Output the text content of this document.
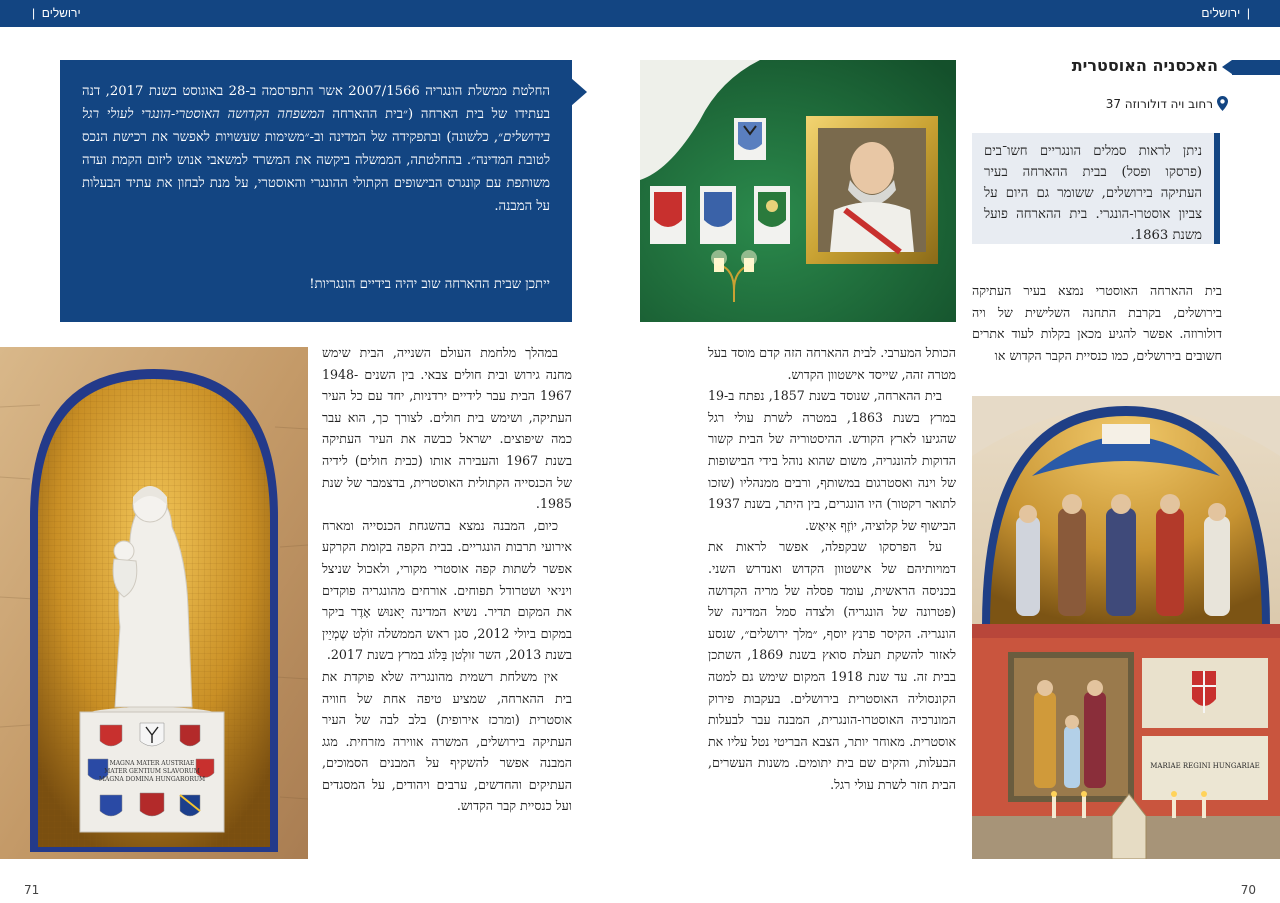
ירושלים  |	|  ירושלים
החלטת ממשלת הונגריה 2007/1566 אשר התפרסמה ב-28 באוגוסט בשנת 2017, דנה בעתידו של בית הארחה (״בית ההארחה המשפחה הקדושה האוסטרי-הונגרי לעולי רגל בירושלים״, כלשונה) ובתפקידה של המדינה וב-״משימות שעשויות לאפשר את רכישת הנכס לטובת המדינה״. בהחלטתה, הממשלה ביקשה את המשרד למשאבי אנוש ליזום הקמת ועדה משותפת עם קונגרס הבישופים הקתולי ההונגרי והאוסטרי, על מנת לבחון את עתיד הבעלות על המבנה.
ייתכן שבית ההארחה שוב יהיה בידיים הונגריות!
MAGNA MATER AUSTRIAE
MATER GENTIUM SLAVORUM
MAGNA DOMINA HUNGARORUM

במהלך מלחמת העולם השנייה, הבית שימש מחנה גירוש ובית חולים צבאי. בין השנים 1948-1967 הבית עבר לידיים ירדניות, יחד עם כל העיר העתיקה, ושימש בית חולים. לצורך כך, הוא עבר כמה שיפוצים. ישראל כבשה את העיר העתיקה בשנת 1967 והעבירה אותו (כבית חולים) לידיה של הכנסייה הקתולית האוסטרית, בדצמבר של שנת 1985.

כיום, המבנה נמצא בהשגחת הכנסייה ומארח אירועי תרבות הונגריים. בבית הקפה בקומת הקרקע אפשר לשתות קפה אוסטרי מקורי, ולאכול שניצל ויניאי ושטרודל תפוחים. אורחים מהונגריה פוקדים את המקום תדיר. נשיא המדינה יָאנוּש אָדֶר ביקר במקום ביולי 2012, סגן ראש הממשלה זוֹלְט שֶמְיֵין בשנת 2013, השר זולְטן בַּלוֹג במרץ בשנת 2017.

אין משלחת רשמית מהונגריה שלא פוקדת את בית ההארחה, שמציע טיפה אחת של חוויה אוסטרית (ומרכז אירופית) בלב לבה של העיר העתיקה בירושלים, המשרה אווירה מזרחית. מגג המבנה אפשר להשקיף על המבנים הסמוכים, העתיקים והחדשים, ערבים ויהודים, על המסגדים ועל כנסיית קבר הקדוש.

71
האכסניה האוסטרית
רחוב ויה דולורוזה 37
ניתן לראות סמלים הונגריים חשו־בים (פרסקו ופסל) בבית ההארחה בעיר העתיקה בירושלים, ששומר גם היום על צביון אוסטרו-הונגרי. בית ההארחה פועל משנת 1863.
בית ההארחה האוסטרי נמצא בעיר העתיקה בירושלים, בקרבת התחנה השלישית של ויה דולורוזה. אפשר להגיע מכאן בקלות לעוד אתרים חשובים בירושלים, כמו כנסיית הקבר הקדוש או
MARIAE REGINI HUNGARIAE
הכותל המערבי. לבית ההארחה הזה קדם מוסד בעל מטרה זהה, שייסד אישטוון הקדוש.

בית ההארחה, שנוסד בשנת 1857, נפתח ב-19 במרץ בשנת 1863, במטרה לשרת עולי רגל שהגיעו לארץ הקודש. ההיסטוריה של הבית קשור הדוקות להונגריה, משום שהוא נוהל בידי הבישופות של וינה ואסטרגום במשותף, ורבים ממנהליו (שזכו לתואר רקטור) היו הונגרים, בין היתר, בשנת 1937 הבישוף של קלוציה, יוֹזֶף אִיאַש.

על הפרסקו שבקפלה, אפשר לראות את דמויותיהם של אישטוון הקדוש ואנדרש השני. בכניסה הראשית, עומד פסלה של מריה הקדושה (פטרונה של הונגריה) ולצדה סמל המדינה של הונגריה. הקיסר פרנץ יוסף, ״מלך ירושלים״, שנסע לאזור להשקת תעלת סואץ בשנת 1869, השתכן בבית זה. עד שנת 1918 המקום שימש גם למטה הקונסוליה האוסטרית בירושלים. בעקבות פירוק המונרכיה האוסטרו-הונגרית, המבנה עבר לבעלות אוסטרית. מאוחר יותר, הצבא הבריטי נטל עליו את הבעלות, והקים שם בית יתומים. משנות העשרים, הבית חזר לשרת עולי רגל.

70
